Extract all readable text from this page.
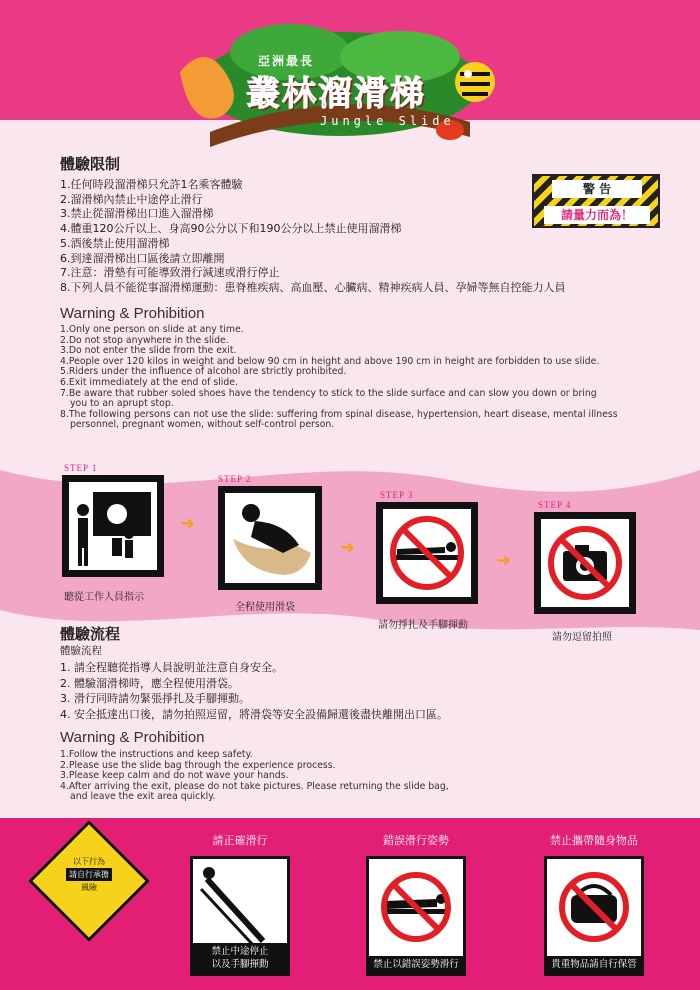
亞洲最長
叢林溜滑梯
Jungle Slide
體驗限制
1.任何時段溜滑梯只允許1名乘客體驗
2.溜滑梯內禁止中途停止滑行
3.禁止從溜滑梯出口進入溜滑梯
4.體重120公斤以上、身高90公分以下和190公分以上禁止使用溜滑梯
5.酒後禁止使用溜滑梯
6.到達溜滑梯出口區後請立即離開
7.注意：滑墊有可能導致滑行減速或滑行停止
8.下列人員不能從事溜滑梯運動：患脊椎疾病、高血壓、心臟病、精神疾病人員、孕婦等無自控能力人員
警 告
請量力而為！
Warning & Prohibition
1.Only one person on slide at any time.
2.Do not stop anywhere in the slide.
3.Do not enter the slide from the exit.
4.People over 120 kilos in weight and below 90 cm in height and above 190 cm in height are forbidden to use slide.
5.Riders under the influence of alcohol are strictly prohibited.
6.Exit immediately at the end of slide.
7.Be aware that rubber soled shoes have the tendency to stick to the slide surface and can slow you down or bring
you to an aprupt stop.
8.The following persons can not use the slide: suffering from spinal disease, hypertension, heart disease, mental illness
personnel, pregnant women, without self-control person.
STEP 1
聽從工作人員指示
➜
STEP 2
全程使用滑袋
➜
STEP 3
請勿掙扎及手腳揮動
➜
STEP 4
請勿逗留拍照
體驗流程
體驗流程
1. 請全程聽從指導人員說明並注意自身安全。
2. 體驗溜滑梯時，應全程使用滑袋。
3. 滑行同時請勿緊張掙扎及手腳揮動。
4. 安全抵達出口後，請勿拍照逗留，將滑袋等安全設備歸還後盡快離開出口區。
Warning & Prohibition
1.Follow the instructions and keep safety.
2.Please use the slide bag through the experience process.
3.Please keep calm and do not wave your hands.
4.After arriving the exit, please do not take pictures. Please returning the slide bag,
and leave the exit area quickly.
以下行為
請自行承擔
風險
請正確滑行
禁止中途停止
以及手腳揮動
錯誤滑行姿勢
禁止以錯誤姿勢滑行
禁止攜帶隨身物品
貴重物品請自行保管
